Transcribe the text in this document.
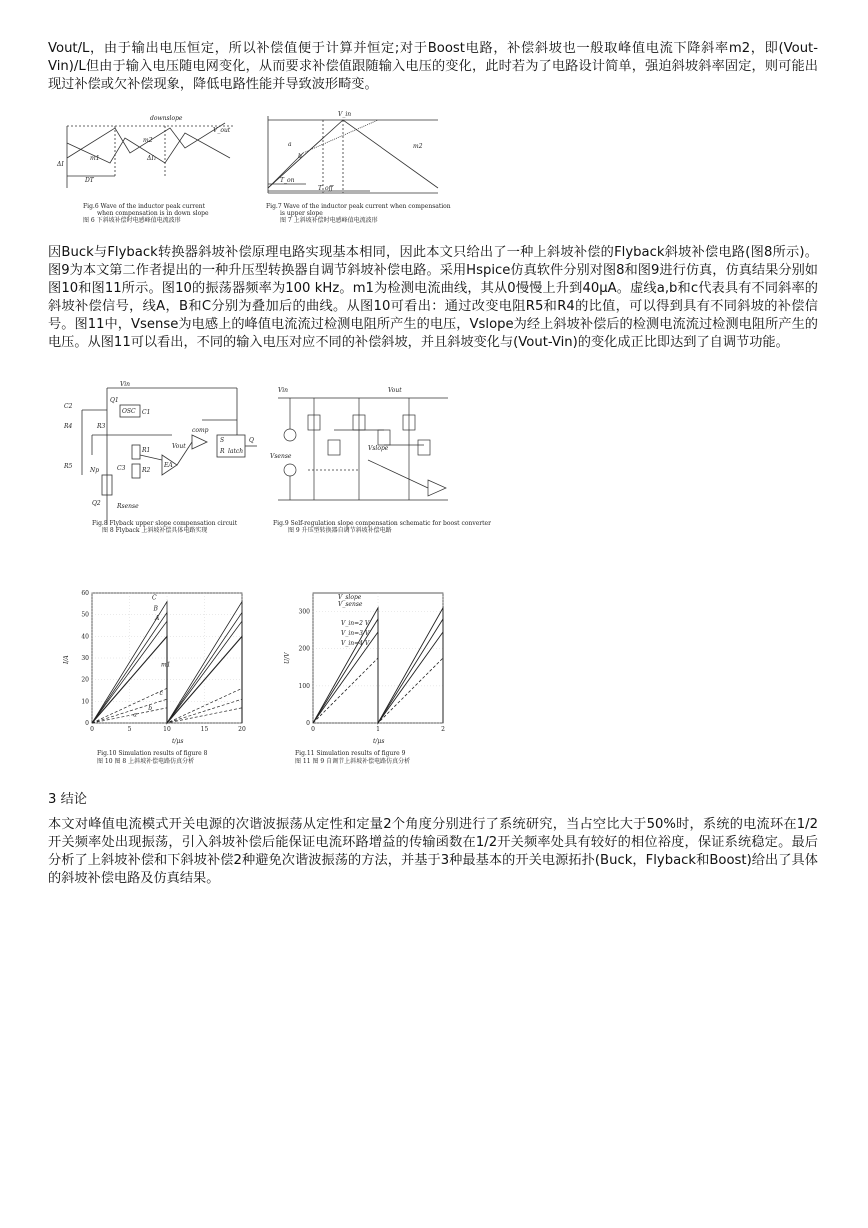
Vout/L，由于输出电压恒定，所以补偿值便于计算并恒定;对于Boost电路，补偿斜坡也一般取峰值电流下降斜率m2，即(Vout-Vin)/L但由于输入电压随电网变化，从而要求补偿值跟随输入电压的变化，此时若为了电路设计简单，强迫斜坡斜率固定，则可能出现过补偿或欠补偿现象，降低电路性能并导致波形畸变。

downslope
V_out
m1
m2
ΔI
ΔI₁
DT
Fig.6 Wave of the inductor peak current
when compensation is in down slope
图 6 下斜坡补偿时电感峰值电流波形
V_in
a
b
m2
T_on
T_off
Fig.7 Wave of the inductor peak current when compensation
is upper slope
图 7 上斜坡补偿时电感峰值电流波形

因Buck与Flyback转换器斜坡补偿原理电路实现基本相同，因此本文只给出了一种上斜坡补偿的Flyback斜坡补偿电路(图8所示)。图9为本文第二作者提出的一种升压型转换器自调节斜坡补偿电路。采用Hspice仿真软件分别对图8和图9进行仿真，仿真结果分别如图10和图11所示。图10的振荡器频率为100 kHz。m1为检测电流曲线，其从0慢慢上升到40μA。虚线a,b和c代表具有不同斜率的斜坡补偿信号，线A，B和C分别为叠加后的曲线。从图10可看出：通过改变电阻R5和R4的比值，可以得到具有不同斜坡的补偿信号。图11中，Vsense为电感上的峰值电流流过检测电阻所产生的电压，Vslope为经上斜坡补偿后的检测电流流过检测电阻所产生的电压。从图11可以看出，不同的输入电压对应不同的补偿斜坡，并且斜坡变化与(Vout-Vin)的变化成正比即达到了自调节功能。

C2
Q1
OSC
R4	R3
C1
Vout
R5
Np
Q2
C3
R1
R2
EA
comp
S
R
Q
latch
Rsense
Vin
Fig.8 Flyback upper slope compensation circuit
图 8 Flyback 上斜坡补偿具体电路实现
Vin	Vout
Vslope
Vsense
Fig.9 Self-regulation slope compensation schematic for boost converter
图 9 升压型转换器自调节斜坡补偿电路
I/A
t/μs
Fig.10 Simulation results of figure 8
图 10 图 8 上斜坡补偿电路仿真分析
0
10
20
30
40
50
60
0	5	10	15	20
C
B
A
a
b
c
m1
U/V
t/μs
V_slope
V_sense
V_in=2 V
V_in=3 V
V_in=4 V
Fig.11 Simulation results of figure 9
图 11 图 9 自调节上斜坡补偿电路仿真分析
0
100
200
300
0	1	2

3 结论

本文对峰值电流模式开关电源的次谐波振荡从定性和定量2个角度分别进行了系统研究，当占空比大于50%时，系统的电流环在1/2开关频率处出现振荡，引入斜坡补偿后能保证电流环路增益的传输函数在1/2开关频率处具有较好的相位裕度，保证系统稳定。最后分析了上斜坡补偿和下斜坡补偿2种避免次谐波振荡的方法，并基于3种最基本的开关电源拓扑(Buck，Flyback和Boost)给出了具体的斜坡补偿电路及仿真结果。
